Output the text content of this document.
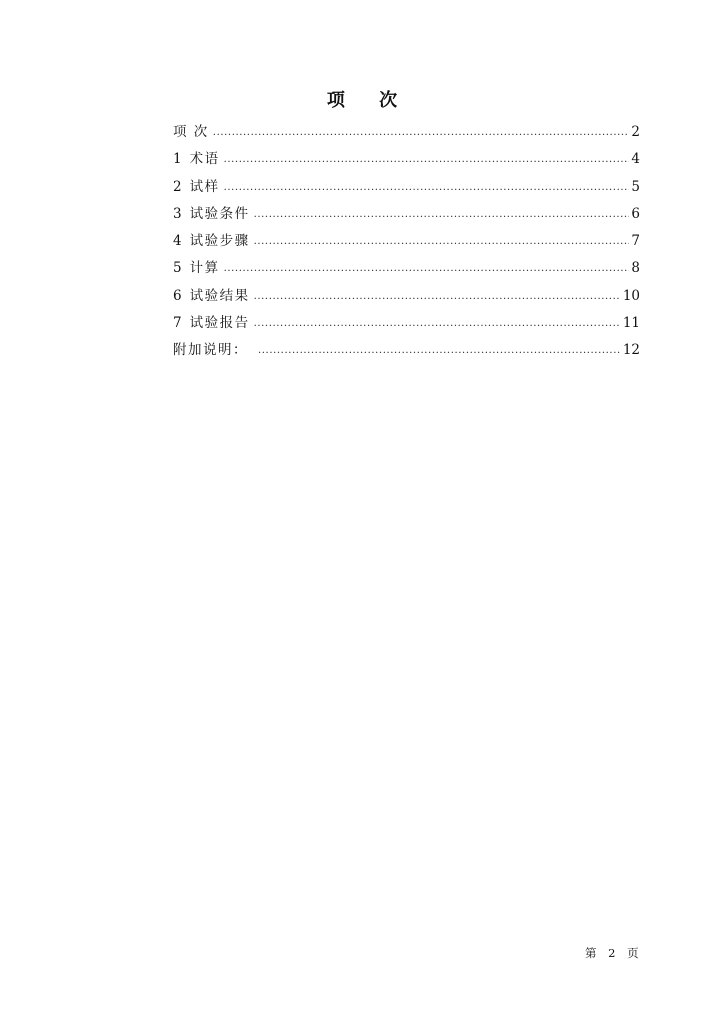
项 次
项 次 .....	2
1 术语 .....	4
2 试样 .....	5
3 试验条件 .....	6
4 试验步骤 .....	7
5 计算 .....	8
6 试验结果 .....	10
7 试验报告 .....	11
附加说明： .....	12
第 2 页
